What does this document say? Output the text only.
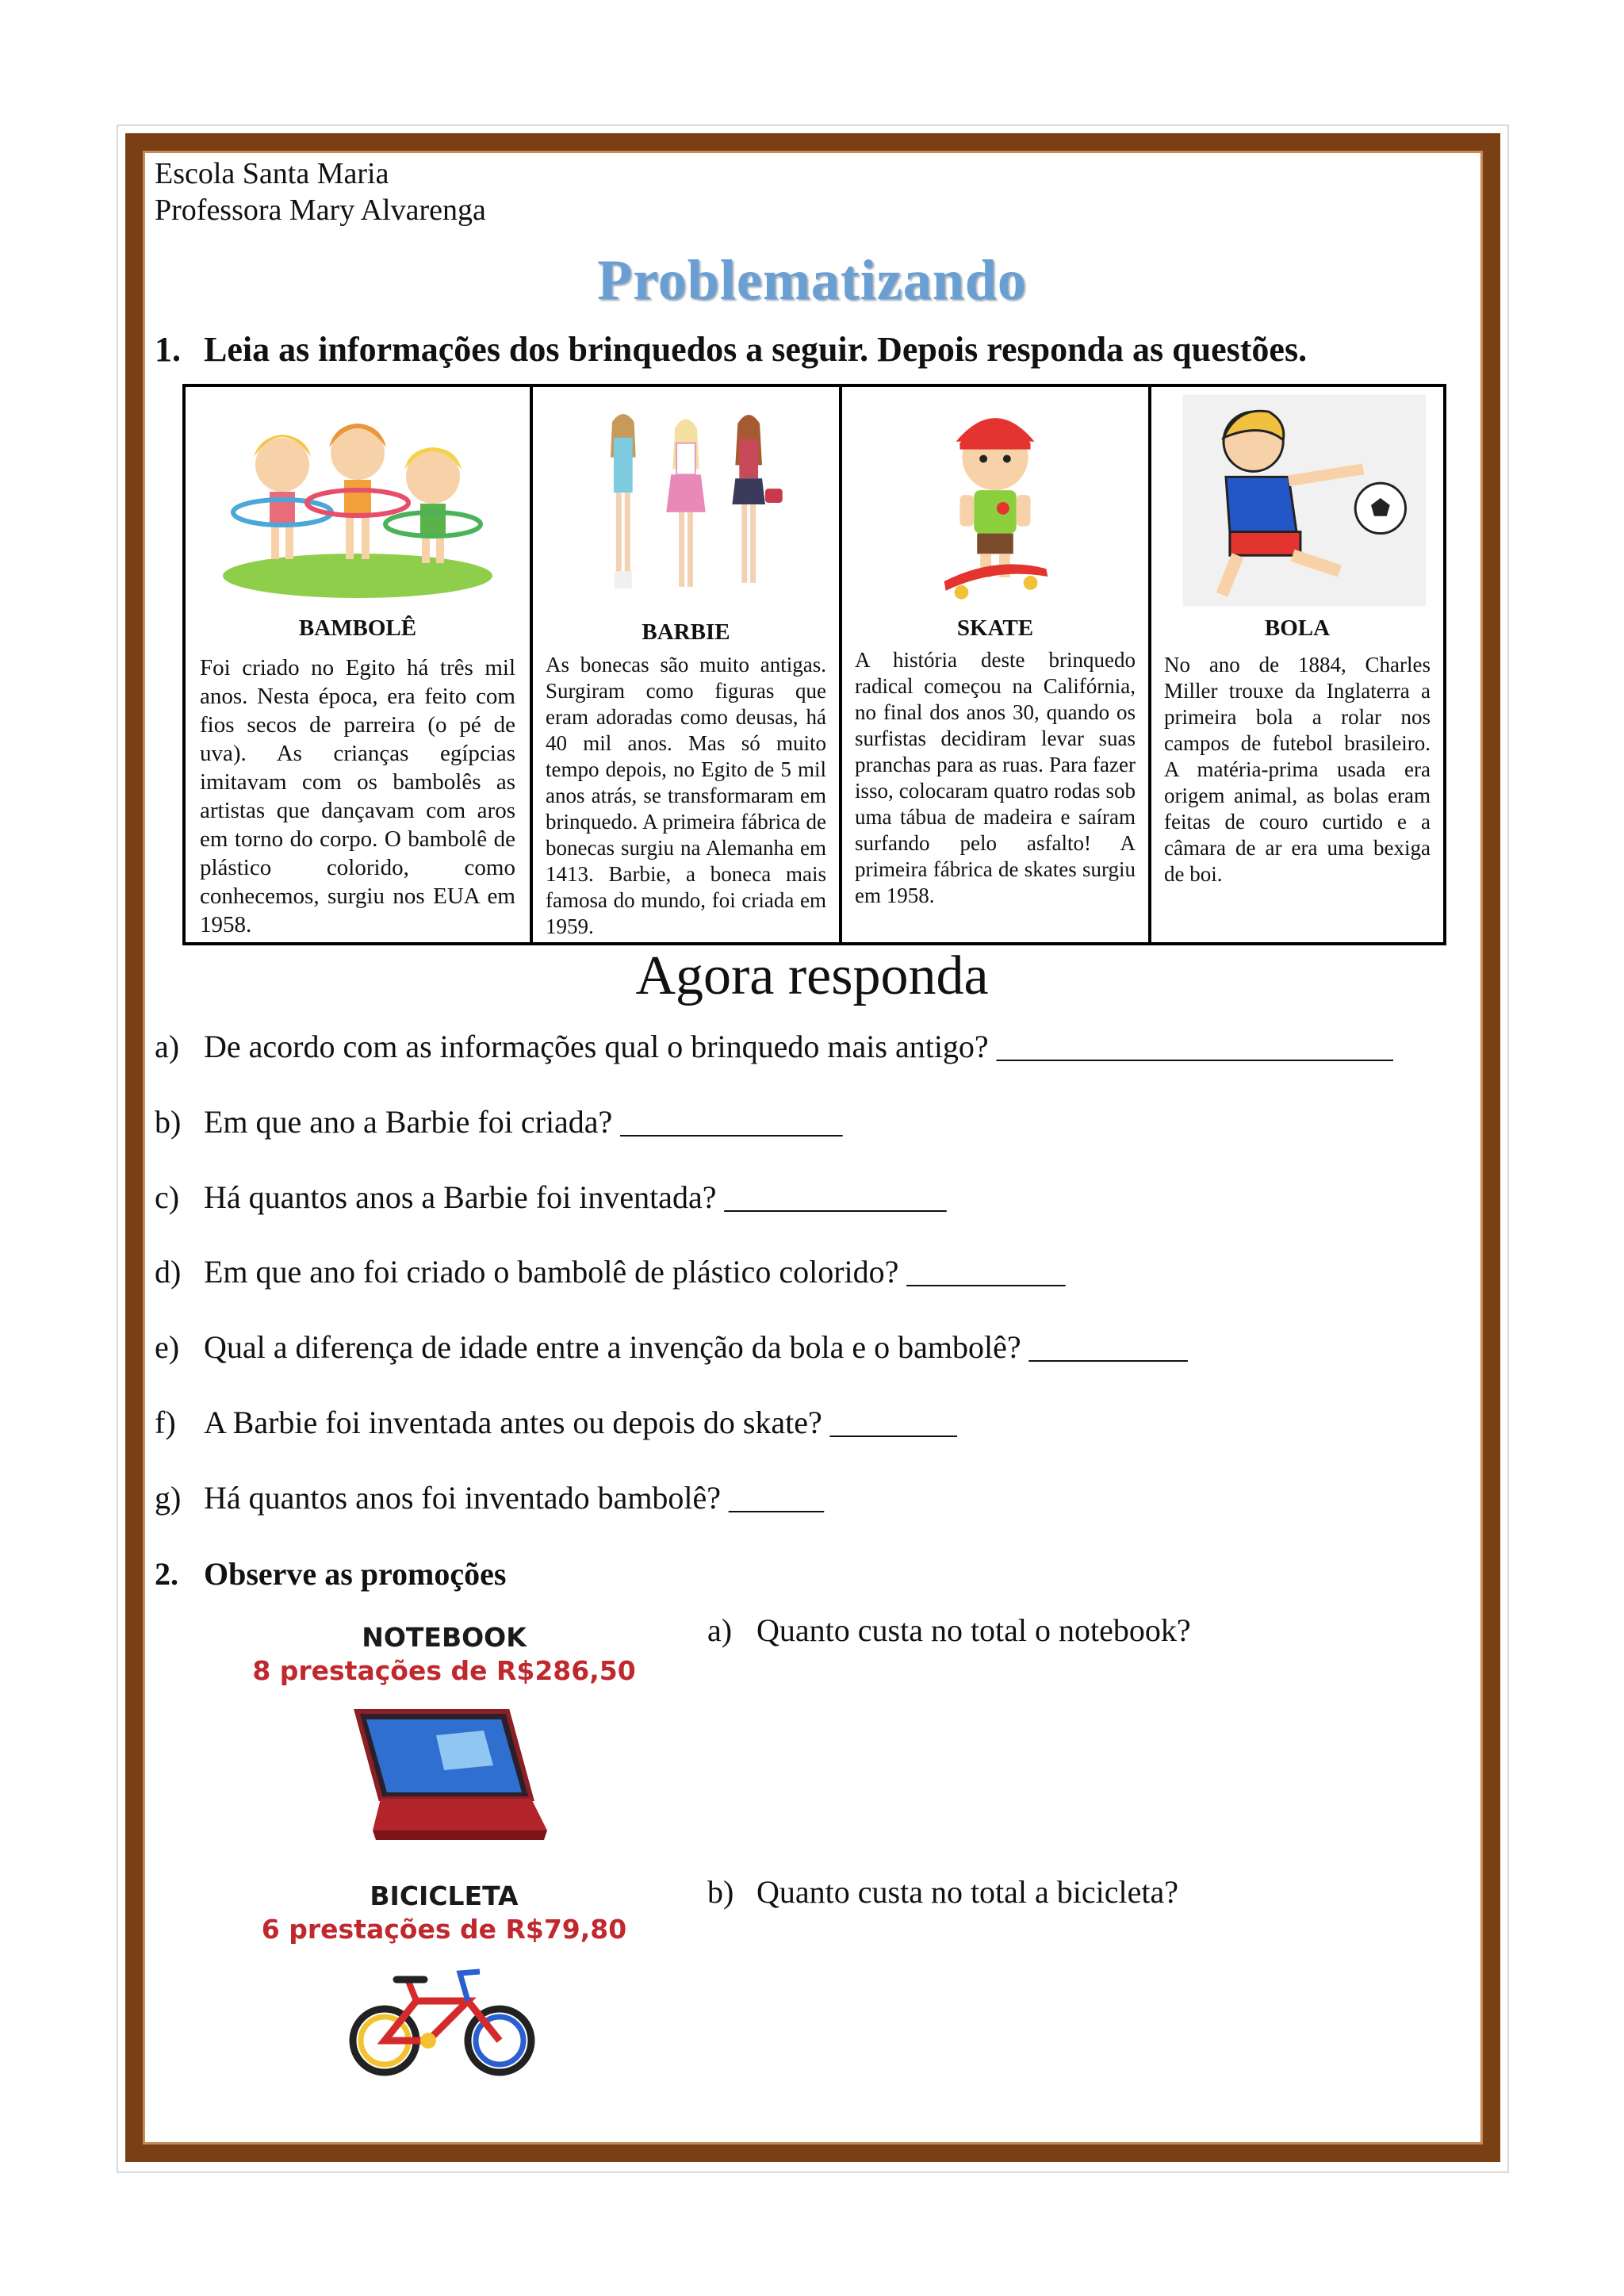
Escola Santa Maria
Professora Mary Alvarenga
Problematizando
1. Leia as informações dos brinquedos a seguir. Depois responda as questões.
BAMBOLÊ
Foi criado no Egito há três mil anos. Nesta época, era feito com fios secos de parreira (o pé de uva). As crianças egípcias imitavam com os bambolês as artistas que dançavam com aros em torno do corpo. O bambolê de plástico colorido, como conhecemos, surgiu nos EUA em 1958.

BARBIE
As bonecas são muito antigas. Surgiram como figuras que eram adoradas como deusas, há 40 mil anos. Mas só muito tempo depois, no Egito de 5 mil anos atrás, se transformaram em brinquedo. A primeira fábrica de bonecas surgiu na Alemanha em 1413. Barbie, a boneca mais famosa do mundo, foi criada em 1959.

SKATE
A história deste brinquedo radical começou na Califórnia, no final dos anos 30, quando os surfistas decidiram levar suas pranchas para as ruas. Para fazer isso, colocaram quatro rodas sob uma tábua de madeira e saíram surfando pelo asfalto! A primeira fábrica de skates surgiu em 1958.

BOLA
No ano de 1884, Charles Miller trouxe da Inglaterra a primeira bola a rolar nos campos de futebol brasileiro. A matéria-prima usada era origem animal, as bolas eram feitas de couro curtido e a câmara de ar era uma bexiga de boi.
Agora responda
a) De acordo com as informações qual o brinquedo mais antigo? _________________________
b) Em que ano a Barbie foi criada? ______________
c) Há quantos anos a Barbie foi inventada? ______________
d) Em que ano foi criado o bambolê de plástico colorido? __________
e) Qual a diferença de idade entre a invenção da bola e o bambolê? __________
f) A Barbie foi inventada antes ou depois do skate? ________
g) Há quantos anos foi inventado bambolê? ______
2. Observe as promoções
NOTEBOOK
8 prestações de R$286,50
BICICLETA
6 prestações de R$79,80
a) Quanto custa no total o notebook?
b) Quanto custa no total a bicicleta?
